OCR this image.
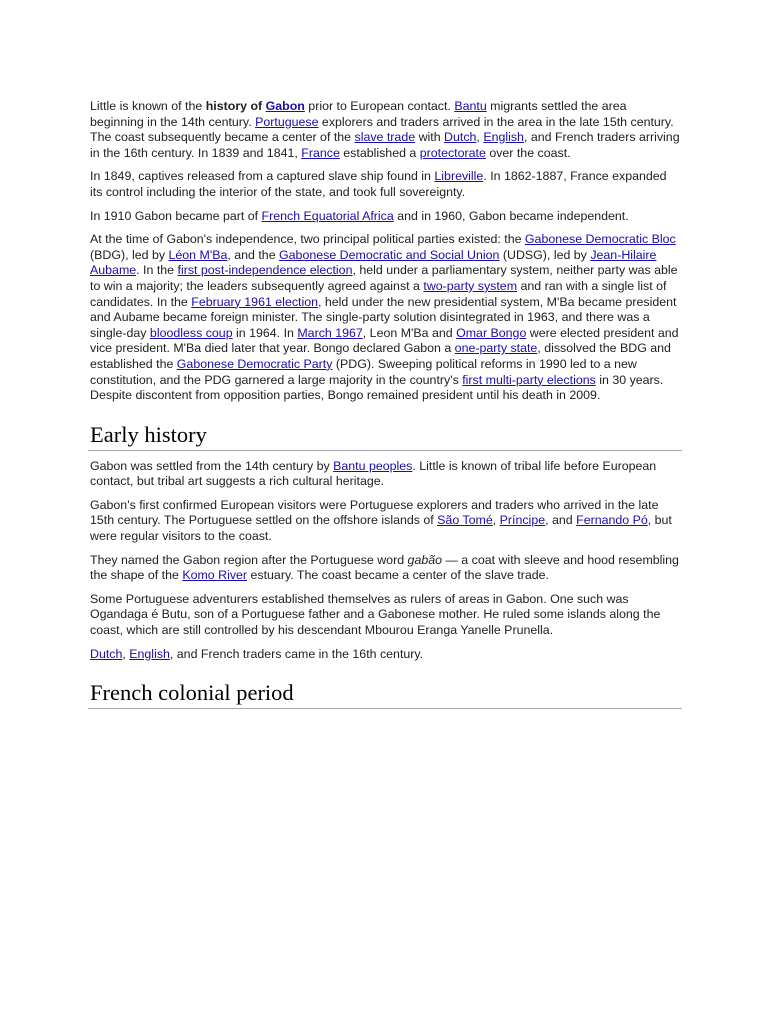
Little is known of the history of Gabon prior to European contact. Bantu migrants settled the area beginning in the 14th century. Portuguese explorers and traders arrived in the area in the late 15th century. The coast subsequently became a center of the slave trade with Dutch, English, and French traders arriving in the 16th century. In 1839 and 1841, France established a protectorate over the coast.

In 1849, captives released from a captured slave ship found in Libreville. In 1862-1887, France expanded its control including the interior of the state, and took full sovereignty.

In 1910 Gabon became part of French Equatorial Africa and in 1960, Gabon became independent.

At the time of Gabon's independence, two principal political parties existed: the Gabonese Democratic Bloc (BDG), led by Léon M'Ba, and the Gabonese Democratic and Social Union (UDSG), led by Jean-Hilaire Aubame. In the first post-independence election, held under a parliamentary system, neither party was able to win a majority; the leaders subsequently agreed against a two-party system and ran with a single list of candidates. In the February 1961 election, held under the new presidential system, M'Ba became president and Aubame became foreign minister. The single-party solution disintegrated in 1963, and there was a single-day bloodless coup in 1964. In March 1967, Leon M'Ba and Omar Bongo were elected president and vice president. M'Ba died later that year. Bongo declared Gabon a one-party state, dissolved the BDG and established the Gabonese Democratic Party (PDG). Sweeping political reforms in 1990 led to a new constitution, and the PDG garnered a large majority in the country's first multi-party elections in 30 years. Despite discontent from opposition parties, Bongo remained president until his death in 2009.

Early history

Gabon was settled from the 14th century by Bantu peoples. Little is known of tribal life before European contact, but tribal art suggests a rich cultural heritage.

Gabon's first confirmed European visitors were Portuguese explorers and traders who arrived in the late 15th century. The Portuguese settled on the offshore islands of São Tomé, Príncipe, and Fernando Pó, but were regular visitors to the coast.

They named the Gabon region after the Portuguese word gabão — a coat with sleeve and hood resembling the shape of the Komo River estuary. The coast became a center of the slave trade.

Some Portuguese adventurers established themselves as rulers of areas in Gabon. One such was Ogandaga é Butu, son of a Portuguese father and a Gabonese mother. He ruled some islands along the coast, which are still controlled by his descendant Mbourou Eranga Yanelle Prunella.

Dutch, English, and French traders came in the 16th century.

French colonial period
